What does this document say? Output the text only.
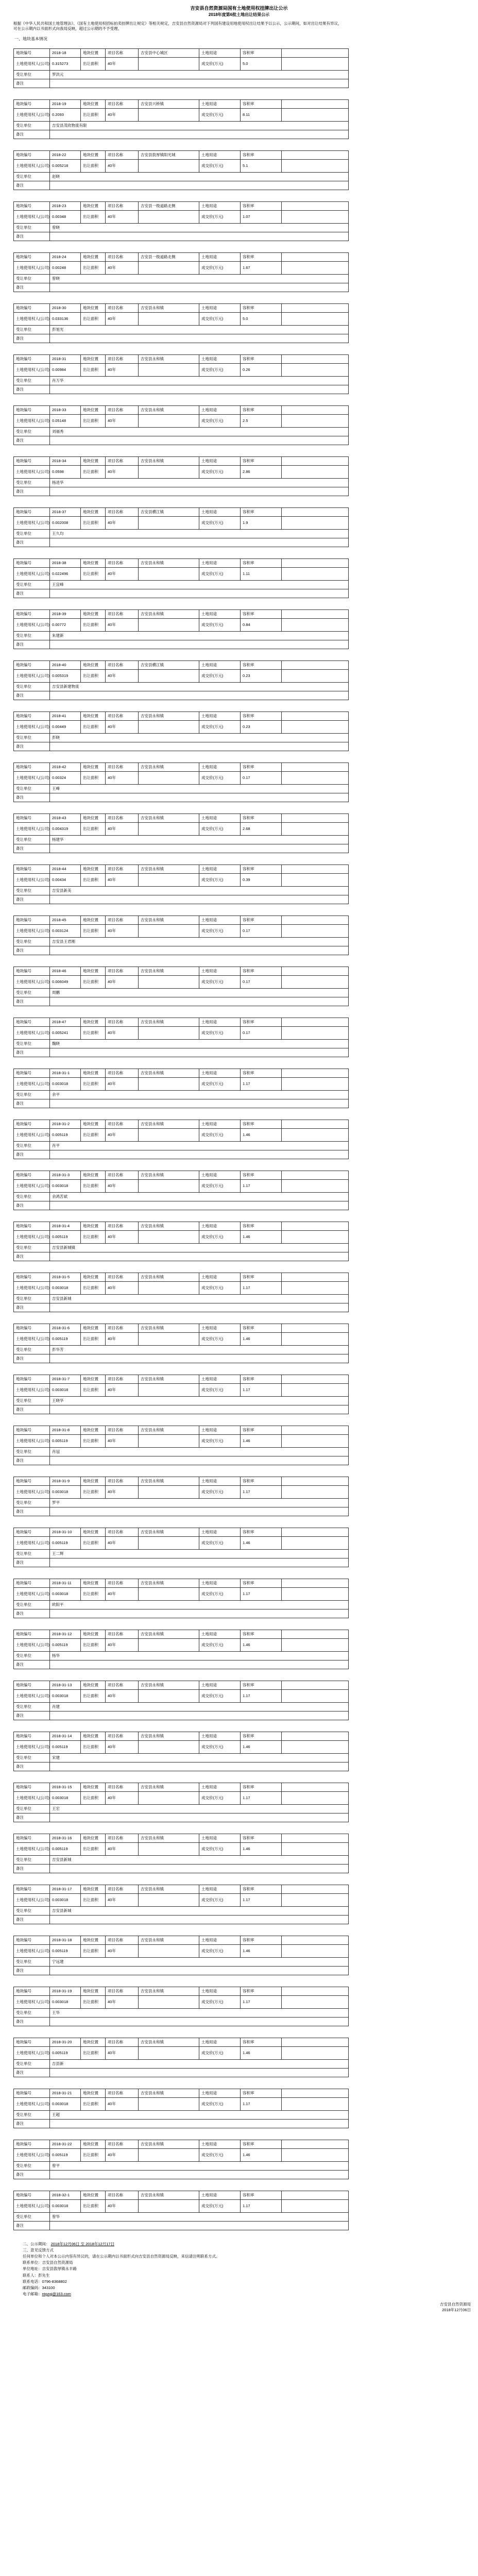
吉安县自然资源局国有土地使用权挂牌出让公示
2018年度第6批土地出让结果公示
根据《中华人民共和国土地管理法》、《国有土地使用权招标拍卖挂牌出让规定》等相关规定，吉安县自然资源局对下列国有建设用地使用权出让结果予以公示，公示期间，如对出让结果有异议，可在公示期内以书面形式向我局反映，超过公示期的不予受理。
一、地块基本情况
地块编号	2018-18	地块位置	项目名称	吉安县中心城区	土地用途	容积率	
土地使用权人(公司)	0.315273	出让面积	40年		成交价(万元)	5.0	
受让单位	罗洪元						
备注							
地块编号	2018-19	地块位置	项目名称	吉安县兴桥镇	土地用途	容积率	
土地使用权人(公司)	0.2093	出让面积	40年		成交价(万元)	8.11	
受让单位	吉安县茂欣物流有限						
备注							
地块编号	2018-22	地块位置	项目名称	吉安县敦厚镇阳光城	土地用途	容积率	
土地使用权人(公司)	0.005218	出让面积	40年		成交价(万元)	5.1	
受让单位	赵晓						
备注							
地块编号	2018-23	地块位置	项目名称	吉安县一级道路北侧	土地用途	容积率	
土地使用权人(公司)	0.00348	出让面积	40年		成交价(万元)	1.07	
受让单位	曾晓						
备注							
地块编号	2018-24	地块位置	项目名称	吉安县一级道路北侧	土地用途	容积率	
土地使用权人(公司)	0.00248	出让面积	40年		成交价(万元)	1.67	
受让单位	曾晓						
备注							
地块编号	2018-30	地块位置	项目名称	吉安县永和镇	土地用途	容积率	
土地使用权人(公司)	0.033136	出让面积	40年		成交价(万元)	5.0	
受让单位	彭旭光						
备注							
地块编号	2018-31	地块位置	项目名称	吉安县永和镇	土地用途	容积率	
土地使用权人(公司)	0.00984	出让面积	40年		成交价(万元)	0.26	
受让单位	肖万华						
备注							
地块编号	2018-33	地块位置	项目名称	吉安县永和镇	土地用途	容积率	
土地使用权人(公司)	0.05148	出让面积	40年		成交价(万元)	2.5	
受让单位	刘福秀						
备注							
地块编号	2018-34	地块位置	项目名称	吉安县永和镇	土地用途	容积率	
土地使用权人(公司)	0.0598	出让面积	40年		成交价(万元)	2.86	
受让单位	杨进华						
备注							
地块编号	2018-37	地块位置	项目名称	吉安县横江镇	土地用途	容积率	
土地使用权人(公司)	0.002008	出让面积	40年		成交价(万元)	1.9	
受让单位	王久均						
备注							
地块编号	2018-38	地块位置	项目名称	吉安县永和镇	土地用途	容积率	
土地使用权人(公司)	0.022496	出让面积	40年		成交价(万元)	1.11	
受让单位	王宜峰						
备注							
地块编号	2018-39	地块位置	项目名称	吉安县永和镇	土地用途	容积率	
土地使用权人(公司)	0.00772	出让面积	40年		成交价(万元)	0.84	
受让单位	朱建新						
备注							
地块编号	2018-40	地块位置	项目名称	吉安县横江镇	土地用途	容积率	
土地使用权人(公司)	0.005319	出让面积	40年		成交价(万元)	0.23	
受让单位	吉安县新建物流						
备注							
地块编号	2018-41	地块位置	项目名称	吉安县永和镇	土地用途	容积率	
土地使用权人(公司)	0.00449	出让面积	40年		成交价(万元)	0.23	
受让单位	彭晓						
备注							
地块编号	2018-42	地块位置	项目名称	吉安县永和镇	土地用途	容积率	
土地使用权人(公司)	0.00324	出让面积	40年		成交价(万元)	0.17	
受让单位	王峰						
备注							
地块编号	2018-43	地块位置	项目名称	吉安县永和镇	土地用途	容积率	
土地使用权人(公司)	0.004319	出让面积	40年		成交价(万元)	2.68	
受让单位	杨建华						
备注							
地块编号	2018-44	地块位置	项目名称	吉安县永和镇	土地用途	容积率	
土地使用权人(公司)	0.00434	出让面积	40年		成交价(万元)	0.39	
受让单位	吉安县新美						
备注							
地块编号	2018-45	地块位置	项目名称	吉安县永和镇	土地用途	容积率	
土地使用权人(公司)	0.003124	出让面积	40年		成交价(万元)	0.17	
受让单位	吉安县王君刚						
备注							
地块编号	2018-46	地块位置	项目名称	吉安县永和镇	土地用途	容积率	
土地使用权人(公司)	0.006049	出让面积	40年		成交价(万元)	0.17	
受让单位	周鹏						
备注							
地块编号	2018-47	地块位置	项目名称	吉安县永和镇	土地用途	容积率	
土地使用权人(公司)	0.005241	出让面积	40年		成交价(万元)	0.17	
受让单位	魏晓						
备注							
地块编号	2018-31-1	地块位置	项目名称	吉安县永和镇	土地用途	容积率	
土地使用权人(公司)	0.003018	出让面积	40年		成交价(万元)	1.17	
受让单位	余平						
备注							
地块编号	2018-31-2	地块位置	项目名称	吉安县永和镇	土地用途	容积率	
土地使用权人(公司)	0.005119	出让面积	40年		成交价(万元)	1.46	
受让单位	肖平						
备注							
地块编号	2018-31-3	地块位置	项目名称	吉安县永和镇	土地用途	容积率	
土地使用权人(公司)	0.003018	出让面积	40年		成交价(万元)	1.17	
受让单位	余鸿苦斌						
备注							
地块编号	2018-31-4	地块位置	项目名称	吉安县永和镇	土地用途	容积率	
土地使用权人(公司)	0.005119	出让面积	40年		成交价(万元)	1.46	
受让单位	吉安县新城镇						
备注							
地块编号	2018-31-5	地块位置	项目名称	吉安县永和镇	土地用途	容积率	
土地使用权人(公司)	0.003018	出让面积	40年		成交价(万元)	1.17	
受让单位	吉安县新城						
备注							
地块编号	2018-31-6	地块位置	项目名称	吉安县永和镇	土地用途	容积率	
土地使用权人(公司)	0.005119	出让面积	40年		成交价(万元)	1.46	
受让单位	彭华芳						
备注							
地块编号	2018-31-7	地块位置	项目名称	吉安县永和镇	土地用途	容积率	
土地使用权人(公司)	0.003018	出让面积	40年		成交价(万元)	1.17	
受让单位	王晓华						
备注							
地块编号	2018-31-8	地块位置	项目名称	吉安县永和镇	土地用途	容积率	
土地使用权人(公司)	0.005119	出让面积	40年		成交价(万元)	1.46	
受让单位	肖冠						
备注							
地块编号	2018-31-9	地块位置	项目名称	吉安县永和镇	土地用途	容积率	
土地使用权人(公司)	0.003018	出让面积	40年		成交价(万元)	1.17	
受让单位	罗平						
备注							
地块编号	2018-31-10	地块位置	项目名称	吉安县永和镇	土地用途	容积率	
土地使用权人(公司)	0.005119	出让面积	40年		成交价(万元)	1.46	
受让单位	王二辉						
备注							
地块编号	2018-31-11	地块位置	项目名称	吉安县永和镇	土地用途	容积率	
土地使用权人(公司)	0.003018	出让面积	40年		成交价(万元)	1.17	
受让单位	欧阳平						
备注							
地块编号	2018-31-12	地块位置	项目名称	吉安县永和镇	土地用途	容积率	
土地使用权人(公司)	0.005119	出让面积	40年		成交价(万元)	1.46	
受让单位	杨华						
备注							
地块编号	2018-31-13	地块位置	项目名称	吉安县永和镇	土地用途	容积率	
土地使用权人(公司)	0.003018	出让面积	40年		成交价(万元)	1.17	
受让单位	肖建						
备注							
地块编号	2018-31-14	地块位置	项目名称	吉安县永和镇	土地用途	容积率	
土地使用权人(公司)	0.005119	出让面积	40年		成交价(万元)	1.46	
受让单位	宋建						
备注							
地块编号	2018-31-15	地块位置	项目名称	吉安县永和镇	土地用途	容积率	
土地使用权人(公司)	0.003018	出让面积	40年		成交价(万元)	1.17	
受让单位	王宏						
备注							
地块编号	2018-31-16	地块位置	项目名称	吉安县永和镇	土地用途	容积率	
土地使用权人(公司)	0.005119	出让面积	40年		成交价(万元)	1.46	
受让单位	吉安县新城						
备注							
地块编号	2018-31-17	地块位置	项目名称	吉安县永和镇	土地用途	容积率	
土地使用权人(公司)	0.003018	出让面积	40年		成交价(万元)	1.17	
受让单位	吉安县新城						
备注							
地块编号	2018-31-18	地块位置	项目名称	吉安县永和镇	土地用途	容积率	
土地使用权人(公司)	0.005119	出让面积	40年		成交价(万元)	1.46	
受让单位	宁远建						
备注							
地块编号	2018-31-19	地块位置	项目名称	吉安县永和镇	土地用途	容积率	
土地使用权人(公司)	0.003018	出让面积	40年		成交价(万元)	1.17	
受让单位	王华						
备注							
地块编号	2018-31-20	地块位置	项目名称	吉安县永和镇	土地用途	容积率	
土地使用权人(公司)	0.005119	出让面积	40年		成交价(万元)	1.46	
受让单位	吉县新						
备注							
地块编号	2018-31-21	地块位置	项目名称	吉安县永和镇	土地用途	容积率	
土地使用权人(公司)	0.003018	出让面积	40年		成交价(万元)	1.17	
受让单位	王超						
备注							
地块编号	2018-31-22	地块位置	项目名称	吉安县永和镇	土地用途	容积率	
土地使用权人(公司)	0.005119	出让面积	40年		成交价(万元)	1.46	
受让单位	曾平						
备注							
地块编号	2018-32-1	地块位置	项目名称	吉安县永和镇	土地用途	容积率	
土地使用权人(公司)	0.003018	出让面积	40年		成交价(万元)	1.17	
受让单位	曾华						
备注							
二、公示期间： 2018年12月06日 至 2018年12月17日
三、意见反馈方式
任何单位和个人对本公示内容有异议的，请在公示期内以书面形式向吉安县自然资源局反映，来信请注明联系方式。
联系单位：吉安县自然资源局
单位地址：吉安县敦厚镇永丰路
联系人：彭先生
联系电话：0796-8368802
邮政编码：343100
电子邮箱：ntgzgj@163.com
吉安县自然资源局
2018年12月06日
